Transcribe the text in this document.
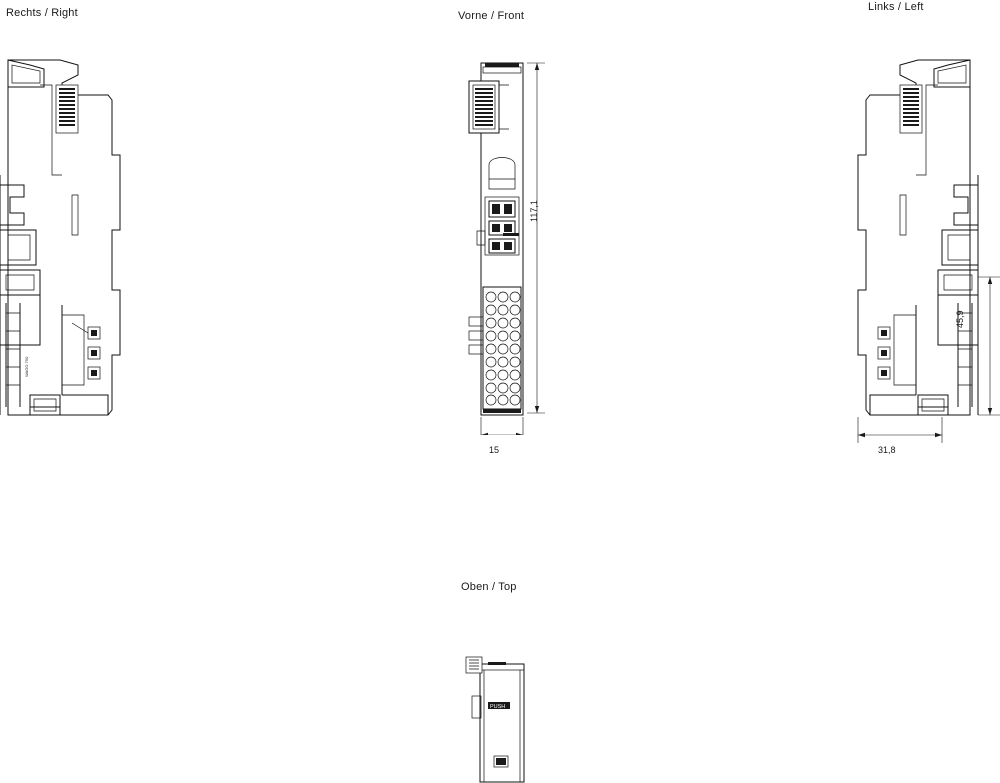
Rechts / Right	Vorne / Front
Links / Left
Oben / Top
117,1
15
45,9
31,8
WAGO 750
PUSH
